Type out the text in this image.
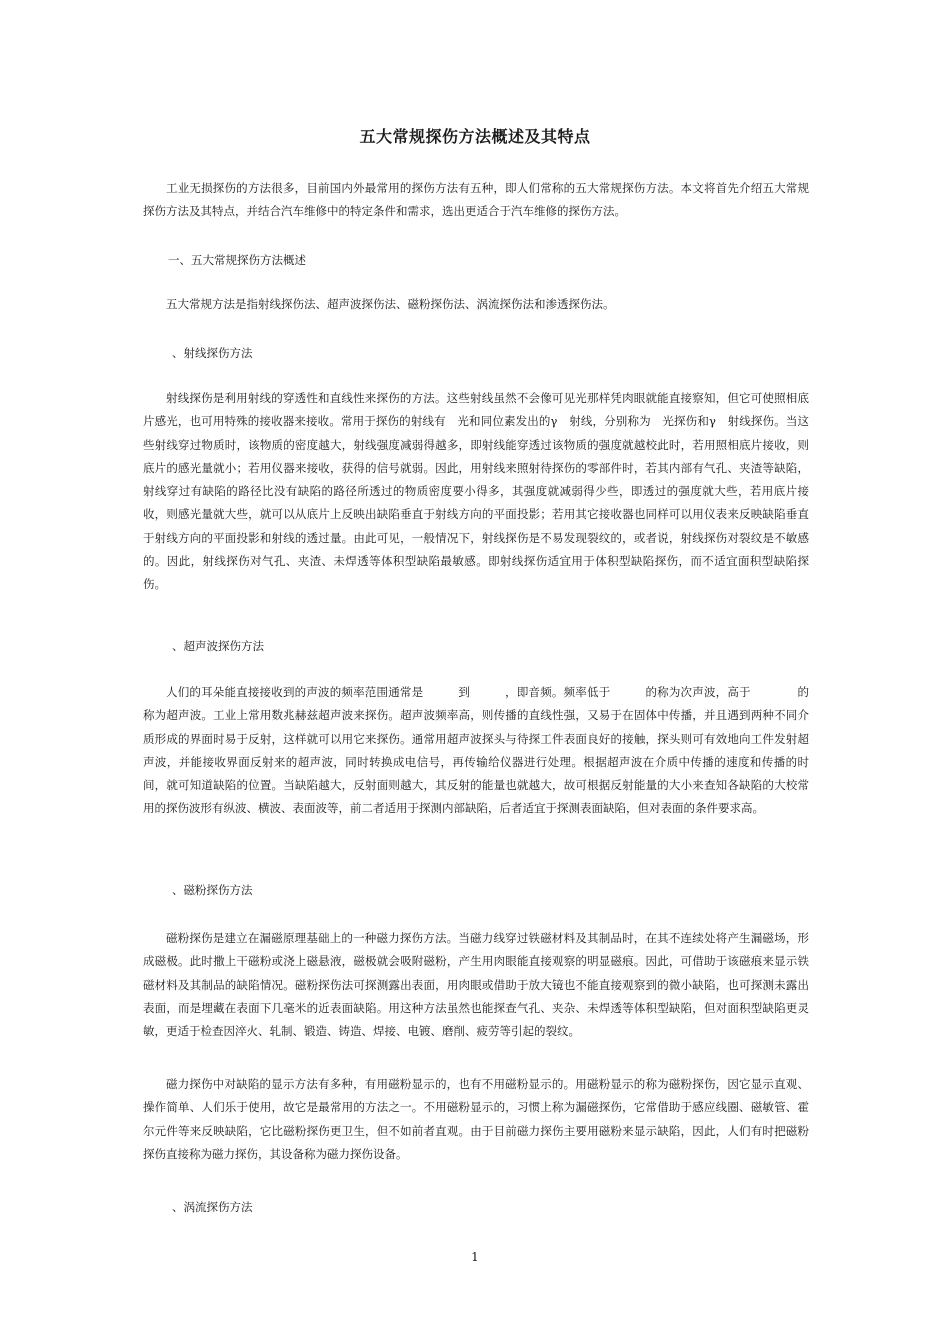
五大常规探伤方法概述及其特点

工业无损探伤的方法很多，目前国内外最常用的探伤方法有五种，即人们常称的五大常规探伤方法。本文将首先介绍五大常规探伤方法及其特点，并结合汽车维修中的特定条件和需求，选出更适合于汽车维修的探伤方法。

一、五大常规探伤方法概述

五大常规方法是指射线探伤法、超声波探伤法、磁粉探伤法、涡流探伤法和渗透探伤法。

、射线探伤方法

射线探伤是利用射线的穿透性和直线性来探伤的方法。这些射线虽然不会像可见光那样凭肉眼就能直接察知，但它可使照相底片感光，也可用特殊的接收器来接收。常用于探伤的射线有　光和同位素发出的γ　射线，分别称为　光探伤和γ　射线探伤。当这些射线穿过物质时，该物质的密度越大，射线强度减弱得越多，即射线能穿透过该物质的强度就越校此时，若用照相底片接收，则底片的感光量就小；若用仪器来接收，获得的信号就弱。因此，用射线来照射待探伤的零部件时，若其内部有气孔、夹渣等缺陷，射线穿过有缺陷的路径比没有缺陷的路径所透过的物质密度要小得多，其强度就减弱得少些，即透过的强度就大些，若用底片接收，则感光量就大些，就可以从底片上反映出缺陷垂直于射线方向的平面投影；若用其它接收器也同样可以用仪表来反映缺陷垂直于射线方向的平面投影和射线的透过量。由此可见，一般情况下，射线探伤是不易发现裂纹的，或者说，射线探伤对裂纹是不敏感的。因此，射线探伤对气孔、夹渣、未焊透等体积型缺陷最敏感。即射线探伤适宜用于体积型缺陷探伤，而不适宜面积型缺陷探伤。

、超声波探伤方法

人们的耳朵能直接接收到的声波的频率范围通常是　　　到　　　，即音频。频率低于　　　的称为次声波，高于　　　　的称为超声波。工业上常用数兆赫兹超声波来探伤。超声波频率高，则传播的直线性强，又易于在固体中传播，并且遇到两种不同介质形成的界面时易于反射，这样就可以用它来探伤。通常用超声波探头与待探工件表面良好的接触，探头则可有效地向工件发射超声波，并能接收界面反射来的超声波，同时转换成电信号，再传输给仪器进行处理。根据超声波在介质中传播的速度和传播的时间，就可知道缺陷的位置。当缺陷越大，反射面则越大，其反射的能量也就越大，故可根据反射能量的大小来查知各缺陷的大校常用的探伤波形有纵波、横波、表面波等，前二者适用于探测内部缺陷，后者适宜于探测表面缺陷，但对表面的条件要求高。

、磁粉探伤方法

磁粉探伤是建立在漏磁原理基础上的一种磁力探伤方法。当磁力线穿过铁磁材料及其制品时，在其不连续处将产生漏磁场，形成磁极。此时撒上干磁粉或浇上磁悬液，磁极就会吸附磁粉，产生用肉眼能直接观察的明显磁痕。因此，可借助于该磁痕来显示铁磁材料及其制品的缺陷情况。磁粉探伤法可探测露出表面，用肉眼或借助于放大镜也不能直接观察到的微小缺陷，也可探测未露出表面，而是埋藏在表面下几毫米的近表面缺陷。用这种方法虽然也能探查气孔、夹杂、未焊透等体积型缺陷，但对面积型缺陷更灵敏，更适于检查因淬火、轧制、锻造、铸造、焊接、电镀、磨削、疲劳等引起的裂纹。

磁力探伤中对缺陷的显示方法有多种，有用磁粉显示的，也有不用磁粉显示的。用磁粉显示的称为磁粉探伤，因它显示直观、操作简单、人们乐于使用，故它是最常用的方法之一。不用磁粉显示的，习惯上称为漏磁探伤，它常借助于感应线圈、磁敏管、霍尔元件等来反映缺陷，它比磁粉探伤更卫生，但不如前者直观。由于目前磁力探伤主要用磁粉来显示缺陷，因此，人们有时把磁粉探伤直接称为磁力探伤，其设备称为磁力探伤设备。

、涡流探伤方法

1
